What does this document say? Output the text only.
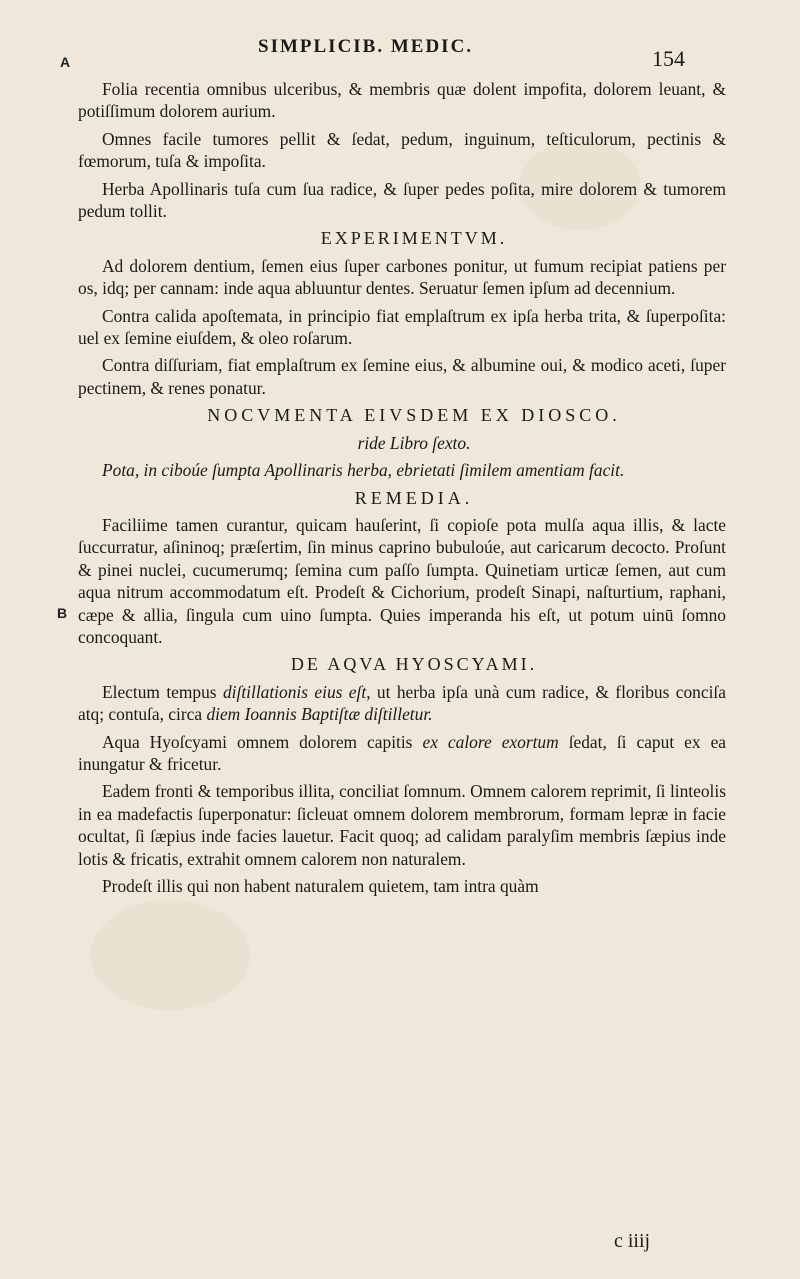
A
B
SIMPLICIB. MEDIC.	154

Folia recentia omnibus ulceribus, & membris quæ dolent impofita, dolorem leuant, & potiſſimum dolorem aurium.

Omnes facile tumores pellit & ſedat, pedum, inguinum, teſticulorum, pectinis & fœmorum, tuſa & impoſita.

Herba Apollinaris tuſa cum ſua radice, & ſuper pedes poſita, mire dolorem & tumorem pedum tollit.

EXPERIMENTVM.

Ad dolorem dentium, ſemen eius ſuper carbones ponitur, ut fumum recipiat patiens per os, idq; per cannam: inde aqua abluuntur dentes. Seruatur ſemen ipſum ad decennium.

Contra calida apoſtemata, in principio fiat emplaſtrum ex ipſa herba trita, & ſuperpoſita: uel ex ſemine eiuſdem, & oleo roſarum.

Contra diſſuriam, fiat emplaſtrum ex ſemine eius, & albumine oui, & modico aceti, ſuper pectinem, & renes ponatur.

NOCVMENTA EIVSDEM EX DIOSCO.

ride Libro ſexto.

Pota, in ciboúe ſumpta Apollinaris herba, ebrietati ſimilem amentiam facit.

REMEDIA.

Faciliime tamen curantur, quicam hauſerint, ſi copioſe pota mulſa aqua illis, & lacte ſuccurratur, aſininoq; præſertim, ſin minus caprino bubuloúe, aut caricarum decocto. Proſunt & pinei nuclei, cucumerumq; ſemina cum paſſo ſumpta. Quinetiam urticæ ſemen, aut cum aqua nitrum accommodatum eſt. Prodeſt & Cichorium, prodeſt Sinapi, naſturtium, raphani, cæpe & allia, ſingula cum uino ſumpta. Quies imperanda his eſt, ut potum uinū ſomno concoquant.

DE AQVA HYOSCYAMI.

Electum tempus diſtillationis eius eſt, ut herba ipſa unà cum radice, & floribus conciſa atq; contuſa, circa diem Ioannis Baptiſtæ diſtilletur.

Aqua Hyoſcyami omnem dolorem capitis ex calore exortum ſedat, ſi caput ex ea inungatur & fricetur.

Eadem fronti & temporibus illita, conciliat ſomnum. Omnem calorem reprimit, ſi linteolis in ea madefactis ſuperponatur: ſicleuat omnem dolorem membrorum, formam lepræ in facie ocultat, ſi ſæpius inde facies lauetur. Facit quoq; ad calidam paralyſim membris ſæpius inde lotis & fricatis, extrahit omnem calorem non naturalem.

Prodeſt illis qui non habent naturalem quietem, tam intra quàm

c iiij
